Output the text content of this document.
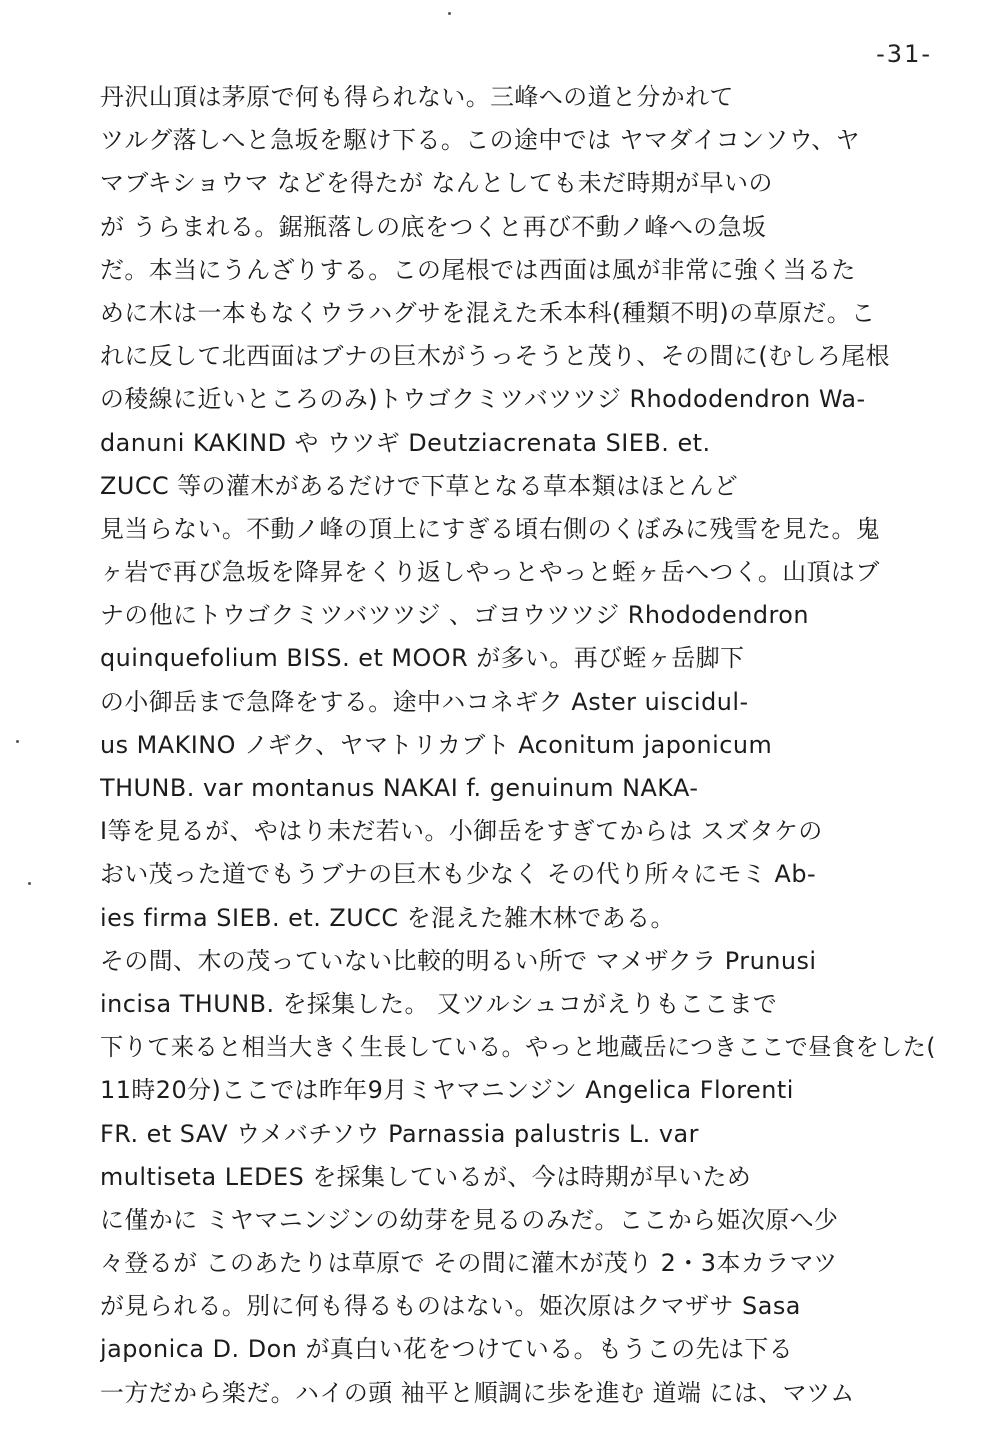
-31-
丹沢山頂は茅原で何も得られない。三峰への道と分かれて
ツルグ落しへと急坂を駆け下る。この途中では ヤマダイコンソウ、ヤ
マブキショウマ などを得たが なんとしても未だ時期が早いの
が うらまれる。鋸瓶落しの底をつくと再び不動ノ峰への急坂
だ。本当にうんざりする。この尾根では西面は風が非常に強く当るた
めに木は一本もなくウラハグサを混えた禾本科(種類不明)の草原だ。こ
れに反して北西面はブナの巨木がうっそうと茂り、その間に(むしろ尾根
の稜線に近いところのみ)トウゴクミツバツツジ Rhododendron Wa-
danuni KAKIND や ウツギ Deutziacrenata SIEB. et.
ZUCC 等の灌木があるだけで下草となる草本類はほとんど
見当らない。不動ノ峰の頂上にすぎる頃右側のくぼみに残雪を見た。鬼
ヶ岩で再び急坂を降昇をくり返しやっとやっと蛭ヶ岳へつく。山頂はブ
ナの他にトウゴクミツバツツジ 、ゴヨウツツジ Rhododendron
quinquefolium BISS. et MOOR が多い。再び蛭ヶ岳脚下
の小御岳まで急降をする。途中ハコネギク Aster uiscidul-
us MAKINO ノギク、ヤマトリカブト Aconitum japonicum
THUNB. var montanus NAKAI f. genuinum NAKA-
I等を見るが、やはり未だ若い。小御岳をすぎてからは スズタケの
おい茂った道でもうブナの巨木も少なく その代り所々にモミ Ab-
ies firma SIEB. et. ZUCC を混えた雑木林である。
その間、木の茂っていない比較的明るい所で マメザクラ Prunusi
incisa THUNB. を採集した。 又ツルシュコがえりもここまで
下りて来ると相当大きく生長している。やっと地蔵岳につきここで昼食をした(
11時20分)ここでは昨年9月ミヤマニンジン Angelica Florenti
FR. et SAV ウメバチソウ Parnassia palustris L. var
multiseta LEDES を採集しているが、今は時期が早いため
に僅かに ミヤマニンジンの幼芽を見るのみだ。ここから姫次原へ少
々登るが このあたりは草原で その間に灌木が茂り 2・3本カラマツ
が見られる。別に何も得るものはない。姫次原はクマザサ Sasa
japonica D. Don が真白い花をつけている。もうこの先は下る
一方だから楽だ。ハイの頭 袖平と順調に歩を進む 道端 には、マツム
